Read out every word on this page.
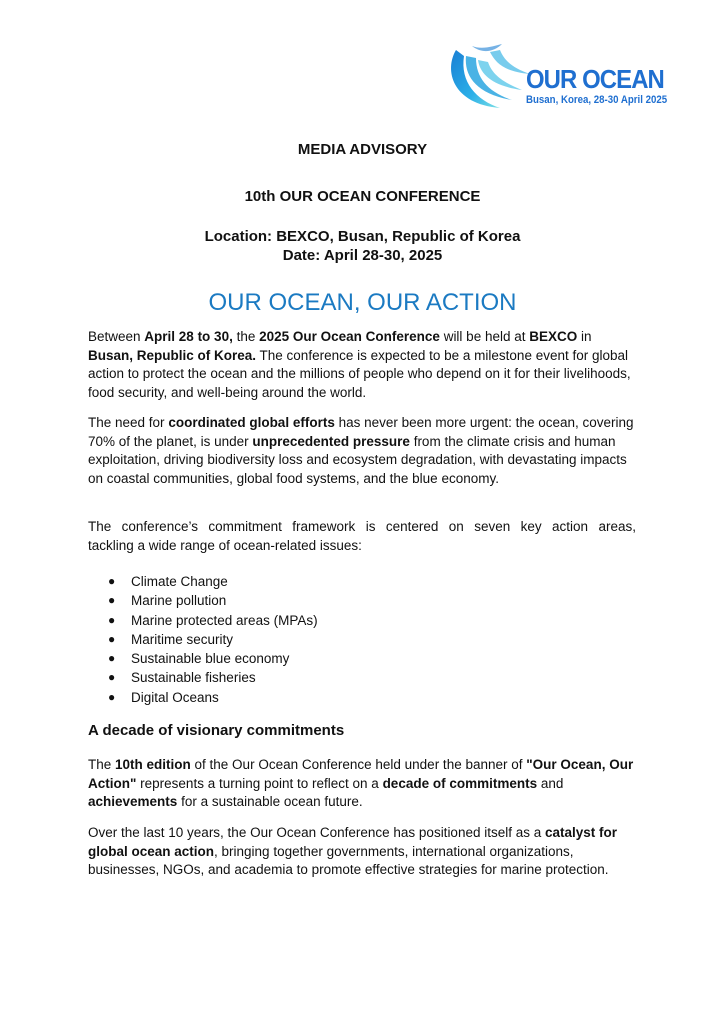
OUR OCEAN
Busan, Korea, 28-30 April 2025
MEDIA ADVISORY
10th OUR OCEAN CONFERENCE
Location: BEXCO, Busan, Republic of Korea
Date: April 28-30, 2025
OUR OCEAN, OUR ACTION

Between April 28 to 30, the 2025 Our Ocean Conference will be held at BEXCO in Busan, Republic of Korea. The conference is expected to be a milestone event for global action to protect the ocean and the millions of people who depend on it for their livelihoods, food security, and well-being around the world.

The need for coordinated global efforts has never been more urgent: the ocean, covering 70% of the planet, is under unprecedented pressure from the climate crisis and human exploitation, driving biodiversity loss and ecosystem degradation, with devastating impacts on coastal communities, global food systems, and the blue economy.

The conference’s commitment framework is centered on seven key action areas,

tackling a wide range of ocean-related issues:

● Climate Change
● Marine pollution
● Marine protected areas (MPAs)
● Maritime security
● Sustainable blue economy
● Sustainable fisheries
● Digital Oceans
A decade of visionary commitments

The 10th edition of the Our Ocean Conference held under the banner of "Our Ocean, Our Action" represents a turning point to reflect on a decade of commitments and achievements for a sustainable ocean future.

Over the last 10 years, the Our Ocean Conference has positioned itself as a catalyst for global ocean action, bringing together governments, international organizations, businesses, NGOs, and academia to promote effective strategies for marine protection.
